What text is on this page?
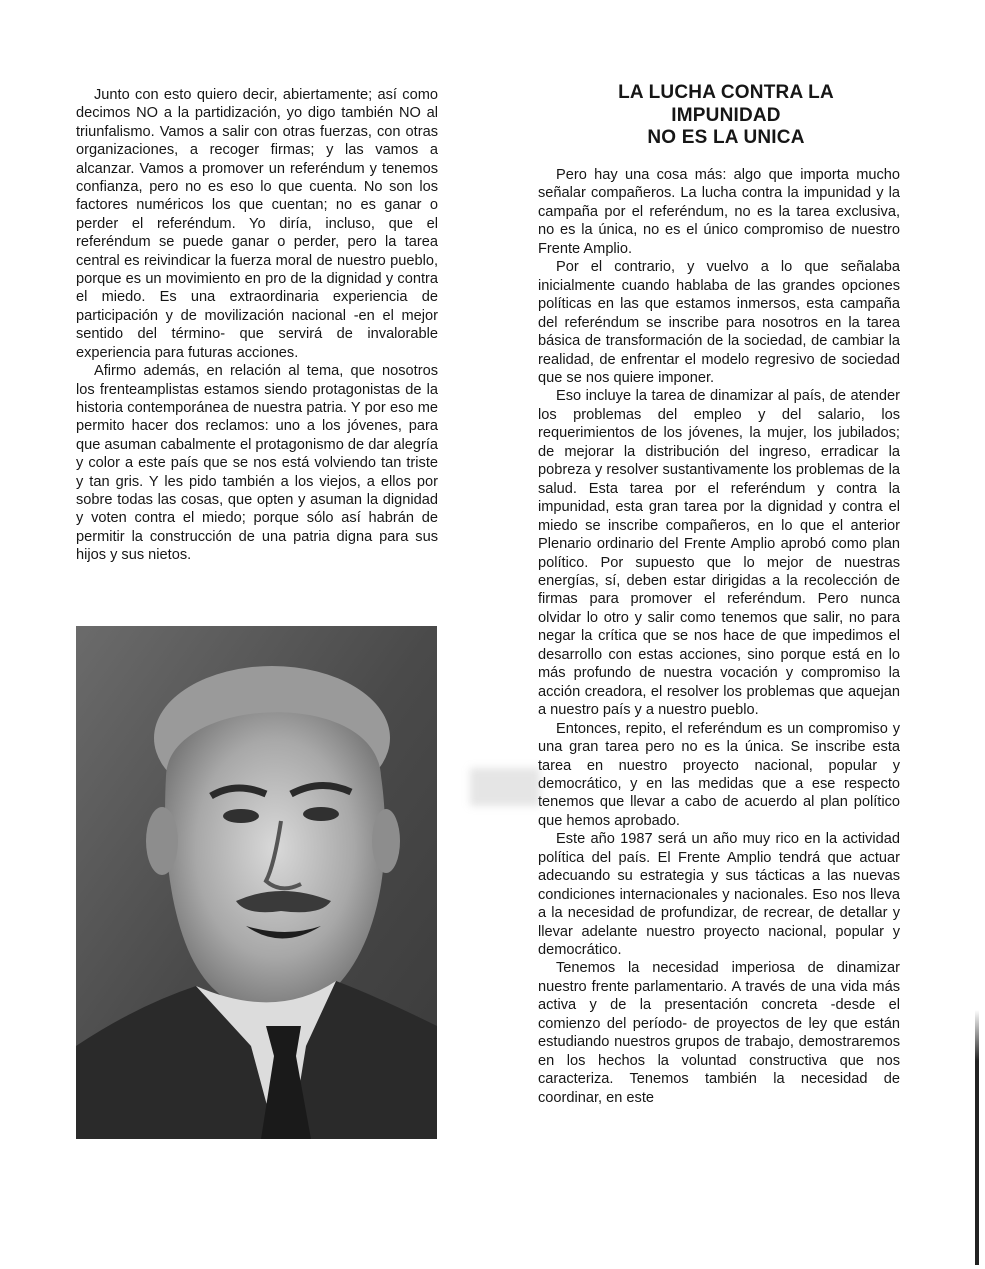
Junto con esto quiero decir, abiertamente; así como decimos NO a la partidización, yo digo también NO al triunfalismo. Vamos a salir con otras fuerzas, con otras organizaciones, a recoger firmas; y las vamos a alcanzar. Vamos a promover un referéndum y tenemos confianza, pero no es eso lo que cuenta. No son los factores numéricos los que cuentan; no es ganar o perder el referéndum. Yo diría, incluso, que el referéndum se puede ganar o perder, pero la tarea central es reivindicar la fuerza moral de nuestro pueblo, porque es un movimiento en pro de la dignidad y contra el miedo. Es una extraordinaria experiencia de participación y de movilización nacional -en el mejor sentido del término- que servirá de invalorable experiencia para futuras acciones.

Afirmo además, en relación al tema, que nosotros los frenteamplistas estamos siendo protagonistas de la historia contemporánea de nuestra patria. Y por eso me permito hacer dos reclamos: uno a los jóvenes, para que asuman cabalmente el protagonismo de dar alegría y color a este país que se nos está volviendo tan triste y tan gris. Y les pido también a los viejos, a ellos por sobre todas las cosas, que opten y asuman la dignidad y voten contra el miedo; porque sólo así habrán de permitir la construcción de una patria digna para sus hijos y sus nietos.

LA LUCHA CONTRA LA
IMPUNIDAD
NO ES LA UNICA

Pero hay una cosa más: algo que importa mucho señalar compañeros. La lucha contra la impunidad y la campaña por el referéndum, no es la tarea exclusiva, no es la única, no es el único compromiso de nuestro Frente Amplio.

Por el contrario, y vuelvo a lo que señalaba inicialmente cuando hablaba de las grandes opciones políticas en las que estamos inmersos, esta campaña del referéndum se inscribe para nosotros en la tarea básica de transformación de la sociedad, de cambiar la realidad, de enfrentar el modelo regresivo de sociedad que se nos quiere imponer.

Eso incluye la tarea de dinamizar al país, de atender los problemas del empleo y del salario, los requerimientos de los jóvenes, la mujer, los jubilados; de mejorar la distribución del ingreso, erradicar la pobreza y resolver sustantivamente los problemas de la salud. Esta tarea por el referéndum y contra la impunidad, esta gran tarea por la dignidad y contra el miedo se inscribe compañeros, en lo que el anterior Plenario ordinario del Frente Amplio aprobó como plan político. Por supuesto que lo mejor de nuestras energías, sí, deben estar dirigidas a la recolección de firmas para promover el referéndum. Pero nunca olvidar lo otro y salir como tenemos que salir, no para negar la crítica que se nos hace de que impedimos el desarrollo con estas acciones, sino porque está en lo más profundo de nuestra vocación y compromiso la acción creadora, el resolver los problemas que aquejan a nuestro país y a nuestro pueblo.

Entonces, repito, el referéndum es un compromiso y una gran tarea pero no es la única. Se inscribe esta tarea en nuestro proyecto nacional, popular y democrático, y en las medidas que a ese respecto tenemos que llevar a cabo de acuerdo al plan político que hemos aprobado.

Este año 1987 será un año muy rico en la actividad política del país. El Frente Amplio tendrá que actuar adecuando su estrategia y sus tácticas a las nuevas condiciones internacionales y nacionales. Eso nos lleva a la necesidad de profundizar, de recrear, de detallar y llevar adelante nuestro proyecto nacional, popular y democrático.

Tenemos la necesidad imperiosa de dinamizar nuestro frente parlamentario. A través de una vida más activa y de la presentación concreta -desde el comienzo del período- de proyectos de ley que están estudiando nuestros grupos de trabajo, demostraremos en los hechos la voluntad constructiva que nos caracteriza. Tenemos también la necesidad de coordinar, en este
